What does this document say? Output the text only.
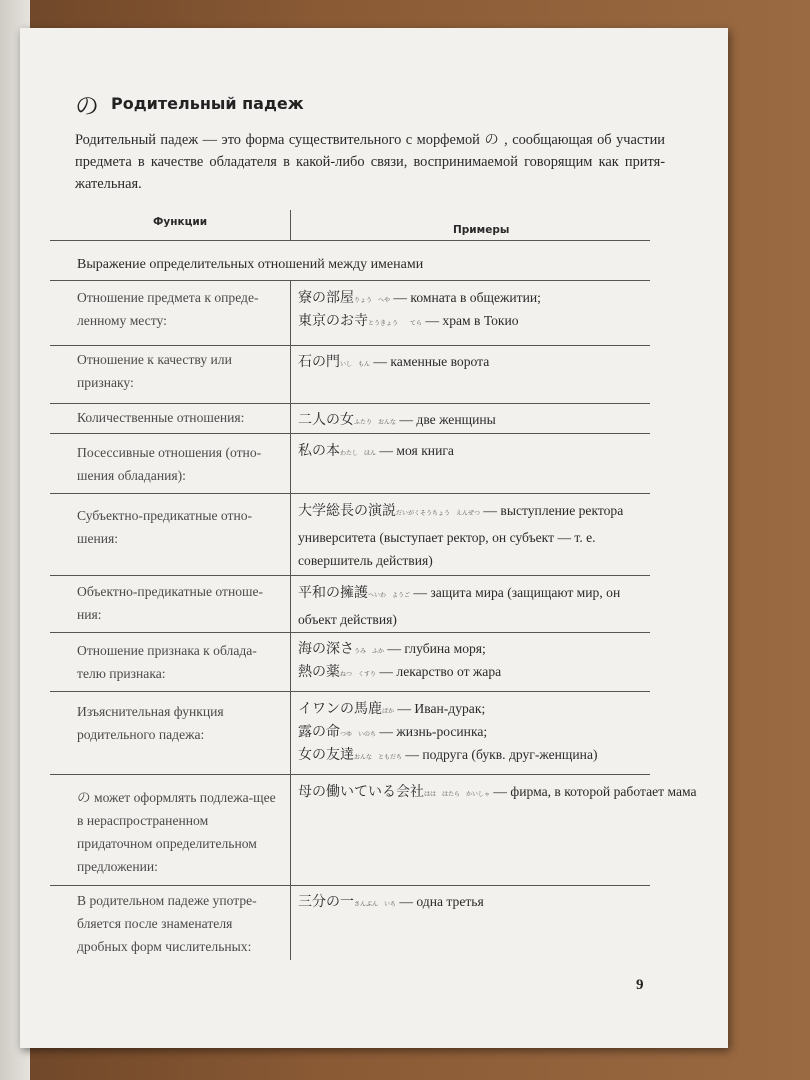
の Родительный падеж

Родительный падеж — это форма существительного с морфемой の , сообщающая об участии предмета в качестве обладателя в какой-либо связи, воспринимаемой говорящим как притя-жательная.

Функции
Примеры
Выражение определительных отношений между именами
Отношение предмета к опреде-ленному месту:
寮の部屋りょう　へや — комната в общежитии;
東京のお寺とうきょう　　てら — храм в Токио
Отношение к качеству или признаку:
石の門いし　もん — каменные ворота
Количественные отношения:	二人の女ふたり　おんな — две женщины
Посессивные отношения (отно-шения обладания):
私の本わたし　ほん — моя книга
Субъектно-предикатные отно-шения:
大学総長の演説だいがくそうちょう　えんぜつ — выступление ректора университета (выступает ректор, он субъект — т. е. совершитель действия)
Объектно-предикатные отноше-ния:
平和の擁護へいわ　ようご — защита мира (защищают мир, он объект действия)
Отношение признака к облада-телю признака:
海の深さうみ　ふか — глубина моря;
熱の薬ねつ　くすり — лекарство от жара
Изъяснительная функция родительного падежа:
イワンの馬鹿ばか — Иван-дурак;
露の命つゆ　いのち — жизнь-росинка;
女の友達おんな　ともだち — подруга (букв. друг-женщина)
の может оформлять подлежа-щее в нераспространенном придаточном определительном предложении:
母の働いている会社はは　はたら　かいしゃ — фирма, в которой работает мама
В родительном падеже употре-бляется после знаменателя дробных форм числительных:
三分の一さんぶん　いち — одна третья
9
